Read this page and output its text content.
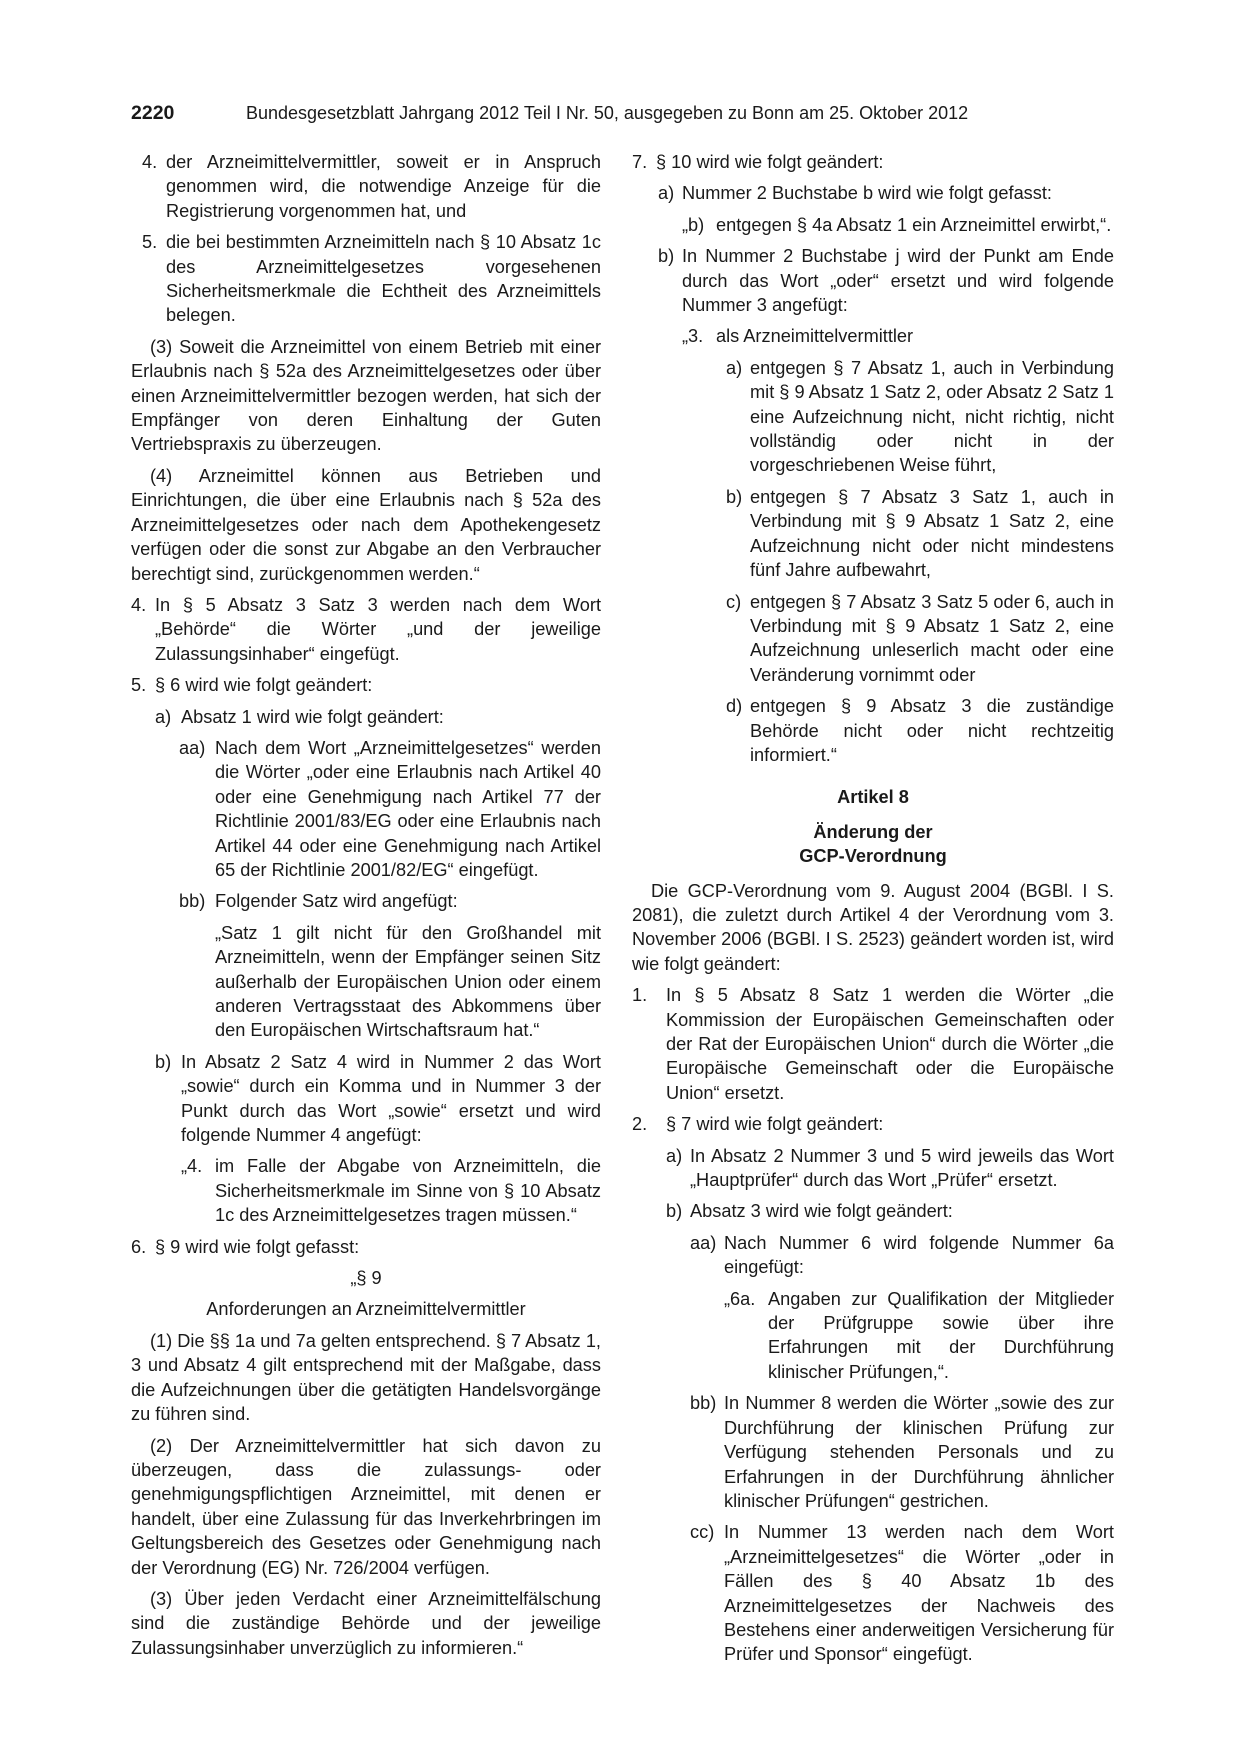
2220	Bundesgesetzblatt Jahrgang 2012 Teil I Nr. 50, ausgegeben zu Bonn am 25. Oktober 2012
4. der Arzneimittelvermittler, soweit er in Anspruch genommen wird, die notwendige Anzeige für die Registrierung vorgenommen hat, und
5. die bei bestimmten Arzneimitteln nach § 10 Absatz 1c des Arzneimittelgesetzes vorgesehenen Sicherheitsmerkmale die Echtheit des Arzneimittels belegen.

(3) Soweit die Arzneimittel von einem Betrieb mit einer Erlaubnis nach § 52a des Arzneimittelgesetzes oder über einen Arzneimittelvermittler bezogen werden, hat sich der Empfänger von deren Einhaltung der Guten Vertriebspraxis zu überzeugen.

(4) Arzneimittel können aus Betrieben und Einrichtungen, die über eine Erlaubnis nach § 52a des Arzneimittelgesetzes oder nach dem Apothekengesetz verfügen oder die sonst zur Abgabe an den Verbraucher berechtigt sind, zurückgenommen werden.“

4. In § 5 Absatz 3 Satz 3 werden nach dem Wort „Behörde“ die Wörter „und der jeweilige Zulassungsinhaber“ eingefügt.
5. § 6 wird wie folgt geändert:
a) Absatz 1 wird wie folgt geändert:
aa) Nach dem Wort „Arzneimittelgesetzes“ werden die Wörter „oder eine Erlaubnis nach Artikel 40 oder eine Genehmigung nach Artikel 77 der Richtlinie 2001/83/EG oder eine Erlaubnis nach Artikel 44 oder eine Genehmigung nach Artikel 65 der Richtlinie 2001/82/EG“ eingefügt.
bb) Folgender Satz wird angefügt:
„Satz 1 gilt nicht für den Großhandel mit Arzneimitteln, wenn der Empfänger seinen Sitz außerhalb der Europäischen Union oder einem anderen Vertragsstaat des Abkommens über den Europäischen Wirtschaftsraum hat.“
b) In Absatz 2 Satz 4 wird in Nummer 2 das Wort „sowie“ durch ein Komma und in Nummer 3 der Punkt durch das Wort „sowie“ ersetzt und wird folgende Nummer 4 angefügt:
„4. im Falle der Abgabe von Arzneimitteln, die Sicherheitsmerkmale im Sinne von § 10 Absatz 1c des Arzneimittelgesetzes tragen müssen.“
6. § 9 wird wie folgt gefasst:
„§ 9
Anforderungen an Arzneimittelvermittler

(1) Die §§ 1a und 7a gelten entsprechend. § 7 Absatz 1, 3 und Absatz 4 gilt entsprechend mit der Maßgabe, dass die Aufzeichnungen über die getätigten Handelsvorgänge zu führen sind.

(2) Der Arzneimittelvermittler hat sich davon zu überzeugen, dass die zulassungs- oder genehmigungspflichtigen Arzneimittel, mit denen er handelt, über eine Zulassung für das Inverkehrbringen im Geltungsbereich des Gesetzes oder Genehmigung nach der Verordnung (EG) Nr. 726/2004 verfügen.

(3) Über jeden Verdacht einer Arzneimittelfälschung sind die zuständige Behörde und der jeweilige Zulassungsinhaber unverzüglich zu informieren.“

7. § 10 wird wie folgt geändert:
a) Nummer 2 Buchstabe b wird wie folgt gefasst:
„b) entgegen § 4a Absatz 1 ein Arzneimittel erwirbt,“.
b) In Nummer 2 Buchstabe j wird der Punkt am Ende durch das Wort „oder“ ersetzt und wird folgende Nummer 3 angefügt:
„3. als Arzneimittelvermittler
a) entgegen § 7 Absatz 1, auch in Verbindung mit § 9 Absatz 1 Satz 2, oder Absatz 2 Satz 1 eine Aufzeichnung nicht, nicht richtig, nicht vollständig oder nicht in der vorgeschriebenen Weise führt,
b) entgegen § 7 Absatz 3 Satz 1, auch in Verbindung mit § 9 Absatz 1 Satz 2, eine Aufzeichnung nicht oder nicht mindestens fünf Jahre aufbewahrt,
c) entgegen § 7 Absatz 3 Satz 5 oder 6, auch in Verbindung mit § 9 Absatz 1 Satz 2, eine Aufzeichnung unleserlich macht oder eine Veränderung vornimmt oder
d) entgegen § 9 Absatz 3 die zuständige Behörde nicht oder nicht rechtzeitig informiert.“
Artikel 8
Änderung der
GCP-Verordnung

Die GCP-Verordnung vom 9. August 2004 (BGBl. I S. 2081), die zuletzt durch Artikel 4 der Verordnung vom 3. November 2006 (BGBl. I S. 2523) geändert worden ist, wird wie folgt geändert:

1. In § 5 Absatz 8 Satz 1 werden die Wörter „die Kommission der Europäischen Gemeinschaften oder der Rat der Europäischen Union“ durch die Wörter „die Europäische Gemeinschaft oder die Europäische Union“ ersetzt.
2. § 7 wird wie folgt geändert:
a) In Absatz 2 Nummer 3 und 5 wird jeweils das Wort „Hauptprüfer“ durch das Wort „Prüfer“ ersetzt.
b) Absatz 3 wird wie folgt geändert:
aa) Nach Nummer 6 wird folgende Nummer 6a eingefügt:
„6a. Angaben zur Qualifikation der Mitglieder der Prüfgruppe sowie über ihre Erfahrungen mit der Durchführung klinischer Prüfungen,“.
bb) In Nummer 8 werden die Wörter „sowie des zur Durchführung der klinischen Prüfung zur Verfügung stehenden Personals und zu Erfahrungen in der Durchführung ähnlicher klinischer Prüfungen“ gestrichen.
cc) In Nummer 13 werden nach dem Wort „Arzneimittelgesetzes“ die Wörter „oder in Fällen des § 40 Absatz 1b des Arzneimittelgesetzes der Nachweis des Bestehens einer anderweitigen Versicherung für Prüfer und Sponsor“ eingefügt.
